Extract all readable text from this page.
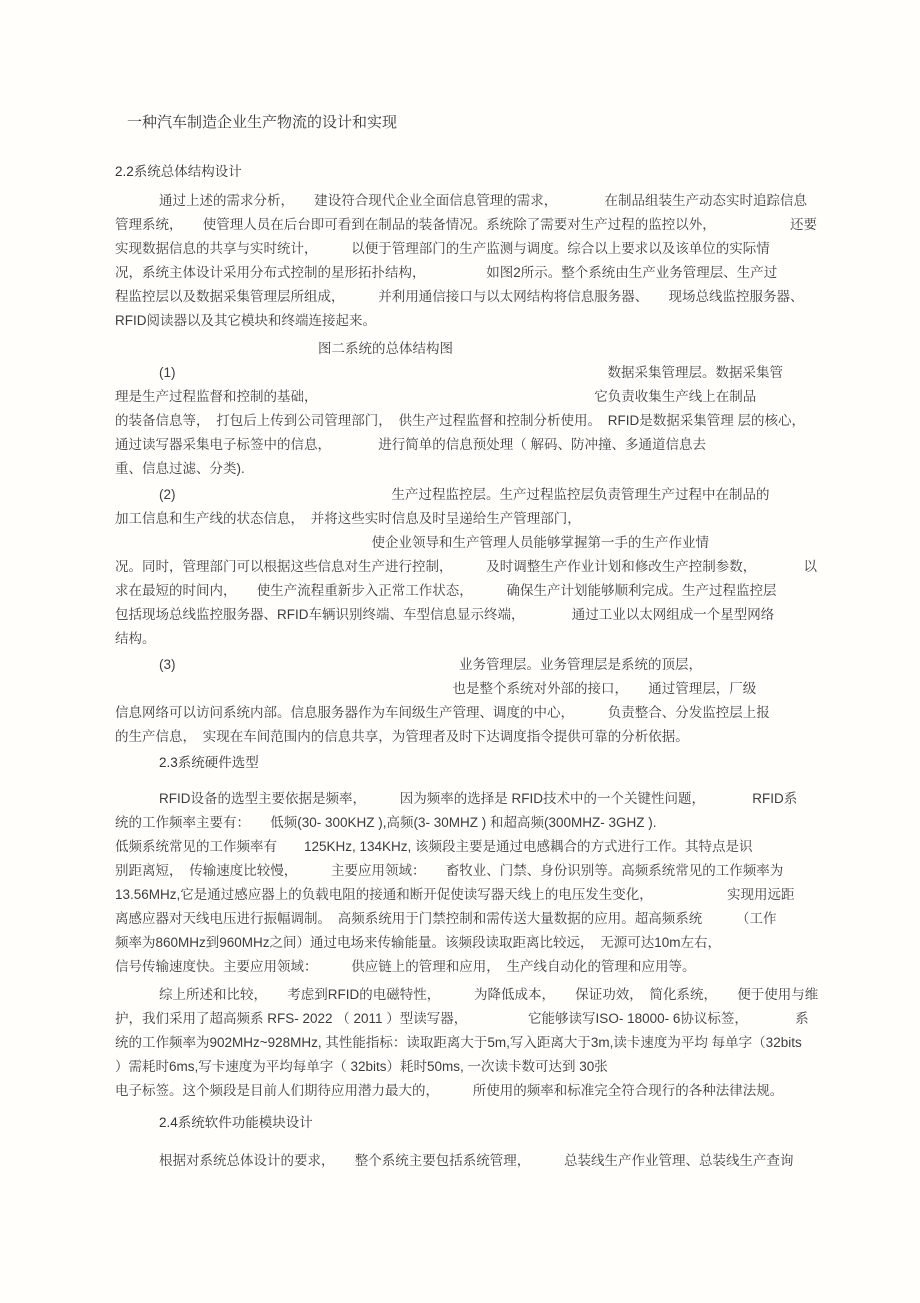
一种汽车制造企业生产物流的设计和实现
2.2系统总体结构设计
通过上述的需求分析，　　建设符合现代企业全面信息管理的需求，　　　　在制品组装生产动态实时追踪信息
管理系统，　　使管理人员在后台即可看到在制品的装备情况。系统除了需要对生产过程的监控以外，　　　　　　还要
实现数据信息的共享与实时统计，　　　以便于管理部门的生产监测与调度。综合以上要求以及该单位的实际情
况，系统主体设计采用分布式控制的星形拓扑结构，　　　　　如图2所示。整个系统由生产业务管理层、生产过
程监控层以及数据采集管理层所组成，　　　并利用通信接口与以太网结构将信息服务器、　　现场总线监控服务器、
RFID阅读器以及其它模块和终端连接起来。
图二系统的总体结构图
(1)　　　　　　　　　　　　　　　　　　　　　　　　　　　　　　　　数据采集管理层。数据采集管
理是生产过程监督和控制的基础，　　　　　　　　　　　　　　　　　　　　　它负责收集生产线上在制品
的装备信息等，　打包后上传到公司管理部门，　供生产过程监督和控制分析使用。　RFID是数据采集管理 层的核心，
通过读写器采集电子标签中的信息，　　　　进行简单的信息预处理（ 解码、防冲撞、多通道信息去
重、信息过滤、分类).
(2)　　　　　　　　　　　　　　　　生产过程监控层。生产过程监控层负责管理生产过程中在制品的
加工信息和生产线的状态信息，　并将这些实时信息及时呈递给生产管理部门，
　　　　　　　　　　　　　　　　　　　使企业领导和生产管理人员能够掌握第一手的生产作业情
况。同时，管理部门可以根据这些信息对生产进行控制，　　　及时调整生产作业计划和修改生产控制参数，　　　　以
求在最短的时间内，　　使生产流程重新步入正常工作状态，　　　确保生产计划能够顺利完成。生产过程监控层
包括现场总线监控服务器、RFID车辆识别终端、车型信息显示终端，　　　　通过工业以太网组成一个星型网络
结构。
(3)　　　　　　　　　　　　　　　　　　　　　业务管理层。业务管理层是系统的顶层，
　　　　　　　　　　　　　　　　　　　　　　　　　也是整个系统对外部的接口，　　通过管理层，厂级
信息网络可以访问系统内部。信息服务器作为车间级生产管理、调度的中心，　　　负责整合、分发监控层上报
的生产信息，　实现在车间范围内的信息共享，为管理者及时下达调度指令提供可靠的分析依据。
2.3系统硬件选型
RFID设备的选型主要依据是频率，　　　因为频率的选择是 RFID技术中的一个关键性问题，　　　　RFID系
统的工作频率主要有：　　低频(30- 300KHZ ),高频(3- 30MHZ ) 和超高频(300MHZ- 3GHZ ).
低频系统常见的工作频率有　　125KHz, 134KHz, 该频段主要是通过电感耦合的方式进行工作。其特点是识
别距离短，　传输速度比较慢，　　　主要应用领域：　　畜牧业、门禁、身份识别等。高频系统常见的工作频率为
13.56MHz,它是通过感应器上的负载电阻的接通和断开促使读写器天线上的电压发生变化，　　　　　　实现用远距
离感应器对天线电压进行振幅调制。　高频系统用于门禁控制和需传送大量数据的应用。超高频系统　　　（工作
频率为860MHz到960MHz之间）通过电场来传输能量。该频段读取距离比较远，　无源可达10m左右，
信号传输速度快。主要应用领域：　　　供应链上的管理和应用，　生产线自动化的管理和应用等。
综上所述和比较，　　考虑到RFID的电磁特性，　　　为降低成本，　　保证功效，　简化系统，　　便于使用与维
护，我们采用了超高频系 RFS- 2022 （ 2011 ）型读写器，　　　　　它能够读写ISO- 18000- 6协议标签，　　　　系
统的工作频率为902MHz~928MHz, 其性能指标：读取距离大于5m,写入距离大于3m,读卡速度为平均 每单字（32bits
）需耗时6ms,写卡速度为平均每单字（ 32bits）耗时50ms, 一次读卡数可达到 30张
电子标签。这个频段是目前人们期待应用潜力最大的，　　　所使用的频率和标准完全符合现行的各种法律法规。
2.4系统软件功能模块设计
根据对系统总体设计的要求，　　整个系统主要包括系统管理，　　　总装线生产作业管理、总装线生产查询
